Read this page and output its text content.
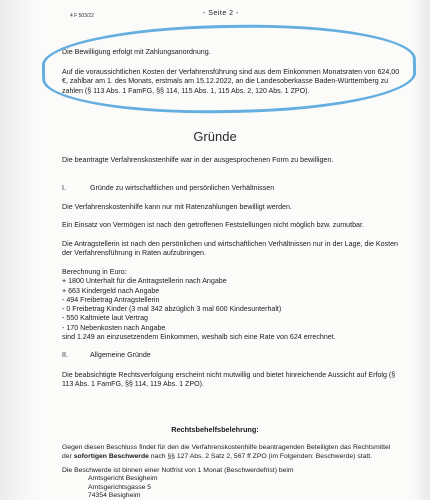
4 F 503/22	- Seite 2 -
Die Bewilligung erfolgt mit Zahlungsanordnung.
Auf die voraussichtlichen Kosten der Verfahrensführung sind aus dem Einkommen Monatsraten von 624,00 €, zahlbar am 1. des Monats, erstmals am 15.12.2022, an die Landesoberkasse Baden-Württemberg zu zahlen (§ 113 Abs. 1 FamFG, §§ 114, 115 Abs. 1, 115 Abs. 2, 120 Abs. 1 ZPO).
Gründe
Die beantragte Verfahrenskostenhilfe war in der ausgesprochenen Form zu bewilligen.
I.	Gründe zu wirtschaftlichen und persönlichen Verhältnissen
Die Verfahrenskostenhilfe kann nur mit Ratenzahlungen bewilligt werden.
Ein Einsatz von Vermögen ist nach den getroffenen Feststellungen nicht möglich bzw. zumutbar.
Die Antragstellerin ist nach den persönlichen und wirtschaftlichen Verhältnissen nur in der Lage, die Kosten der Verfahrensführung in Raten aufzubringen.
Berechnung in Euro:
+ 1800 Unterhalt für die Antragstellerin nach Angabe
+ 663 Kindergeld nach Angabe
- 494 Freibetrag Antragstellerin
- 0 Freibetrag Kinder (3 mal 342 abzüglich 3 mal 600 Kindesunterhalt)
- 550 Kaltmiete laut Vertrag
- 170 Nebenkosten nach Angabe
sind 1.249 an einzusetzendem Einkommen, weshalb sich eine Rate von 624 errechnet.
II.	Allgemeine Gründe
Die beabsichtigte Rechtsverfolgung erscheint nicht mutwillig und bietet hinreichende Aussicht auf Erfolg (§ 113 Abs. 1 FamFG, §§ 114, 119 Abs. 1 ZPO).
Rechtsbehelfsbelehrung:
Gegen diesen Beschluss findet für den die Verfahrenskostenhilfe beantragenden Beteiligten das Rechtsmittel der sofortigen Beschwerde nach §§ 127 Abs. 2 Satz 2, 567 ff ZPO (im Folgenden: Beschwerde) statt.
Die Beschwerde ist binnen einer Notfrist von 1 Monat (Beschwerdefrist) beim
Amtsgericht Besigheim
Amtsgerichtsgasse 5
74354 Besigheim
